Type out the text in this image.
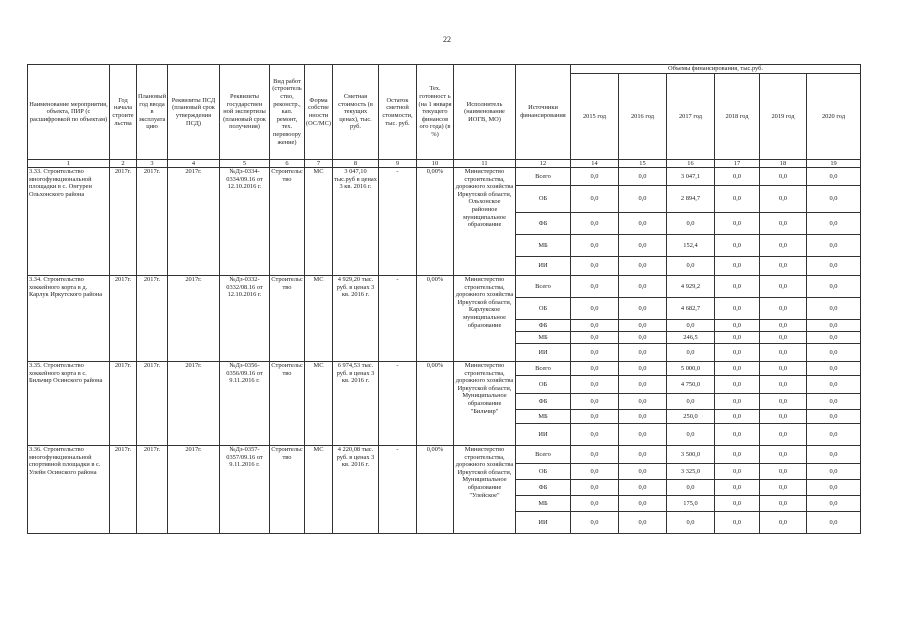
22
Наименование мероприятия, объекта, ПИР (с расшифровкой по объектам)	Год начала строите льства	Плановый год ввода в эксплуата цию	Реквизиты ПСД (плановый срок утверждения ПСД)	Реквизиты государствен ной экспертизы (плановый срок получения)	Вид работ (строитель ство, реконстр., кап. ремонт, тех. перевоору жение)	Форма собстве нности (ОС/МС)	Сметная стоимость (в текущих ценах), тыс. руб.	Остаток сметной стоимости, тыс. руб.	Тех. готовност ь (на 1 января текущего финансов ого года) (в %)	Исполнитель (наименование ИОГВ, МО)	Источники финансирования	Объемы финансирования, тыс.руб.					
												2015 год	2016 год	2017 год	2018 год	2019 год	2020 год
1	2	3	4	5	6	7	8	9	10	11	12	14	15	16	17	18	19
3.33. Строительство многофункциональной площадки в с. Онгурен Ольхонского района	2017г.	2017г.	2017г.	№Дз-0334-0334/09.16 от 12.10.2016 г.	Строительс тво	МС	3 047,10 тыс.руб в ценах 3 кв. 2016 г.	-	0,00%	Министерство строительства, дорожного хозяйства Иркутской области, Ольхонское районное муниципальное образование	Всего	0,0	0,0	3 047,1	0,0	0,0	0,0
											ОБ	0,0	0,0	2 894,7	0,0	0,0	0,0
											ФБ	0,0	0,0	0,0	0,0	0,0	0,0
											МБ	0,0	0,0	152,4	0,0	0,0	0,0
											ИИ	0,0	0,0	0,0	0,0	0,0	0,0
3.34. Строительство хоккейного корта в д. Карлук Иркутского района	2017г.	2017г.	2017г.	№Дз-0332-0332/08.16 от 12.10.2016 г.	Строительс тво	МС	4 929,20 тыс. руб. в ценах 3 кв. 2016 г.	-	0,00%	Министерство строительства, дорожного хозяйства Иркутской области, Карлукское муниципальное образование	Всего	0,0	0,0	4 929,2	0,0	0,0	0,0
											ОБ	0,0	0,0	4 682,7	0,0	0,0	0,0
											ФБ	0,0	0,0	0,0	0,0	0,0	0,0
											МБ	0,0	0,0	246,5	0,0	0,0	0,0
											ИИ	0,0	0,0	0,0	0,0	0,0	0,0
3.35. Строительство хоккейного корта в с. Бильчир Осинского района	2017г.	2017г.	2017г.	№Дз-0356-0356/09.16 от 9.11.2016 г.	Строительс тво	МС	6 974,53 тыс. руб. в ценах 3 кв. 2016 г.	-	0,00%	Министерство строительства, дорожного хозяйства Иркутской области, Муниципальное образование "Бильчир"	Всего	0,0	0,0	5 000,0	0,0	0,0	0,0
											ОБ	0,0	0,0	4 750,0	0,0	0,0	0,0
											ФБ	0,0	0,0	0,0	0,0	0,0	0,0
											МБ	0,0	0,0	250,0	0,0	0,0	0,0
											ИИ	0,0	0,0	0,0	0,0	0,0	0,0
3.36. Строительство многофункциональной спортивной площадки в с. Улейн Осинского района	2017г.	2017г.	2017г.	№Дз-0357-0357/09.16 от 9.11.2016 г.	Строительс тво	МС	4 220,08 тыс. руб. в ценах 3 кв. 2016 г.	-	0,00%	Министерство строительства, дорожного хозяйства Иркутской области, Муниципальное образование "Улейское"	Всего	0,0	0,0	3 500,0	0,0	0,0	0,0
											ОБ	0,0	0,0	3 325,0	0,0	0,0	0,0
											ФБ	0,0	0,0	0,0	0,0	0,0	0,0
											МБ	0,0	0,0	175,0	0,0	0,0	0,0
											ИИ	0,0	0,0	0,0	0,0	0,0	0,0
